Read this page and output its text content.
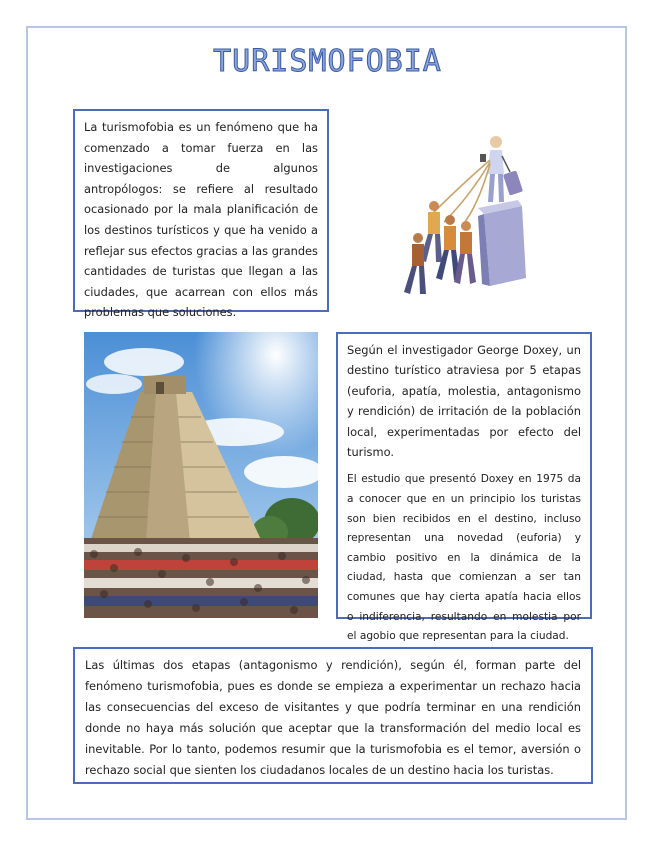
TURISMOFOBIA

La turismofobia es un fenómeno que ha comenzado a tomar fuerza en las investigaciones de algunos antropólogos: se refiere al resultado ocasionado por la mala planificación de los destinos turísticos y que ha venido a reflejar sus efectos gracias a las grandes cantidades de turistas que llegan a las ciudades, que acarrean con ellos más problemas que soluciones.

Según el investigador George Doxey, un destino turístico atraviesa por 5 etapas (euforia, apatía, molestia, antagonismo y rendición) de irritación de la población local, experimentadas por efecto del turismo.

El estudio que presentó Doxey en 1975 da a conocer que en un principio los turistas son bien recibidos en el destino, incluso representan una novedad (euforia) y cambio positivo en la dinámica de la ciudad, hasta que comienzan a ser tan comunes que hay cierta apatía hacia ellos o indiferencia, resultando en molestia por el agobio que representan para la ciudad.

Las últimas dos etapas (antagonismo y rendición), según él, forman parte del fenómeno turismofobia, pues es donde se empieza a experimentar un rechazo hacia las consecuencias del exceso de visitantes y que podría terminar en una rendición donde no haya más solución que aceptar que la transformación del medio local es inevitable. Por lo tanto, podemos resumir que la turismofobia es el temor, aversión o rechazo social que sienten los ciudadanos locales de un destino hacia los turistas.
